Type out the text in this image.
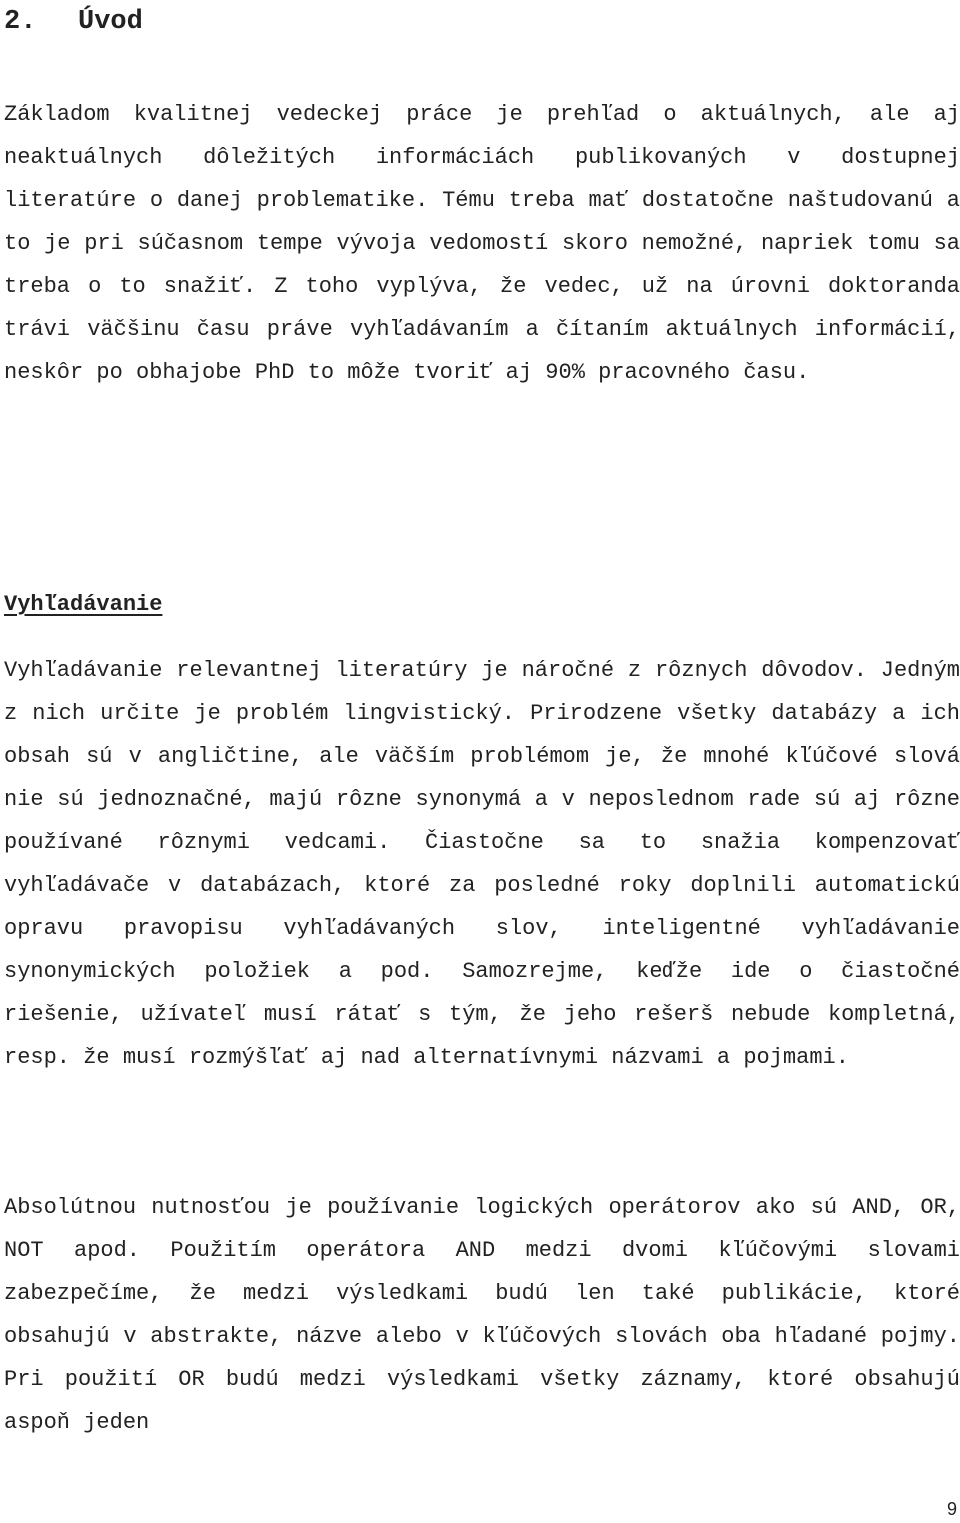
2. Úvod

Základom kvalitnej vedeckej práce je prehľad o aktuálnych, ale aj neaktuálnych dôležitých informáciách publikovaných v dostupnej literatúre o danej problematike. Tému treba mať dostatočne naštudovanú a to je pri súčasnom tempe vývoja vedomostí skoro nemožné, napriek tomu sa treba o to snažiť. Z toho vyplýva, že vedec, už na úrovni doktoranda trávi väčšinu času práve vyhľadávaním a čítaním aktuálnych informácií, neskôr po obhajobe PhD to môže tvoriť aj 90% pracovného času.

Vyhľadávanie

Vyhľadávanie relevantnej literatúry je náročné z rôznych dôvodov. Jedným z nich určite je problém lingvistický. Prirodzene všetky databázy a ich obsah sú v angličtine, ale väčším problémom je, že mnohé kľúčové slová nie sú jednoznačné, majú rôzne synonymá a v neposlednom rade sú aj rôzne používané rôznymi vedcami. Čiastočne sa to snažia kompenzovať vyhľadávače v databázach, ktoré za posledné roky doplnili automatickú opravu pravopisu vyhľadávaných slov, inteligentné vyhľadávanie synonymických položiek a pod. Samozrejme, keďže ide o čiastočné riešenie, užívateľ musí rátať s tým, že jeho rešerš nebude kompletná, resp. že musí rozmýšľať aj nad alternatívnymi názvami a pojmami.

Absolútnou nutnosťou je používanie logických operátorov ako sú AND, OR, NOT apod. Použitím operátora AND medzi dvomi kľúčovými slovami zabezpečíme, že medzi výsledkami budú len také publikácie, ktoré obsahujú v abstrakte, názve alebo v kľúčových slovách oba hľadané pojmy. Pri použití OR budú medzi výsledkami všetky záznamy, ktoré obsahujú aspoň jeden

9
